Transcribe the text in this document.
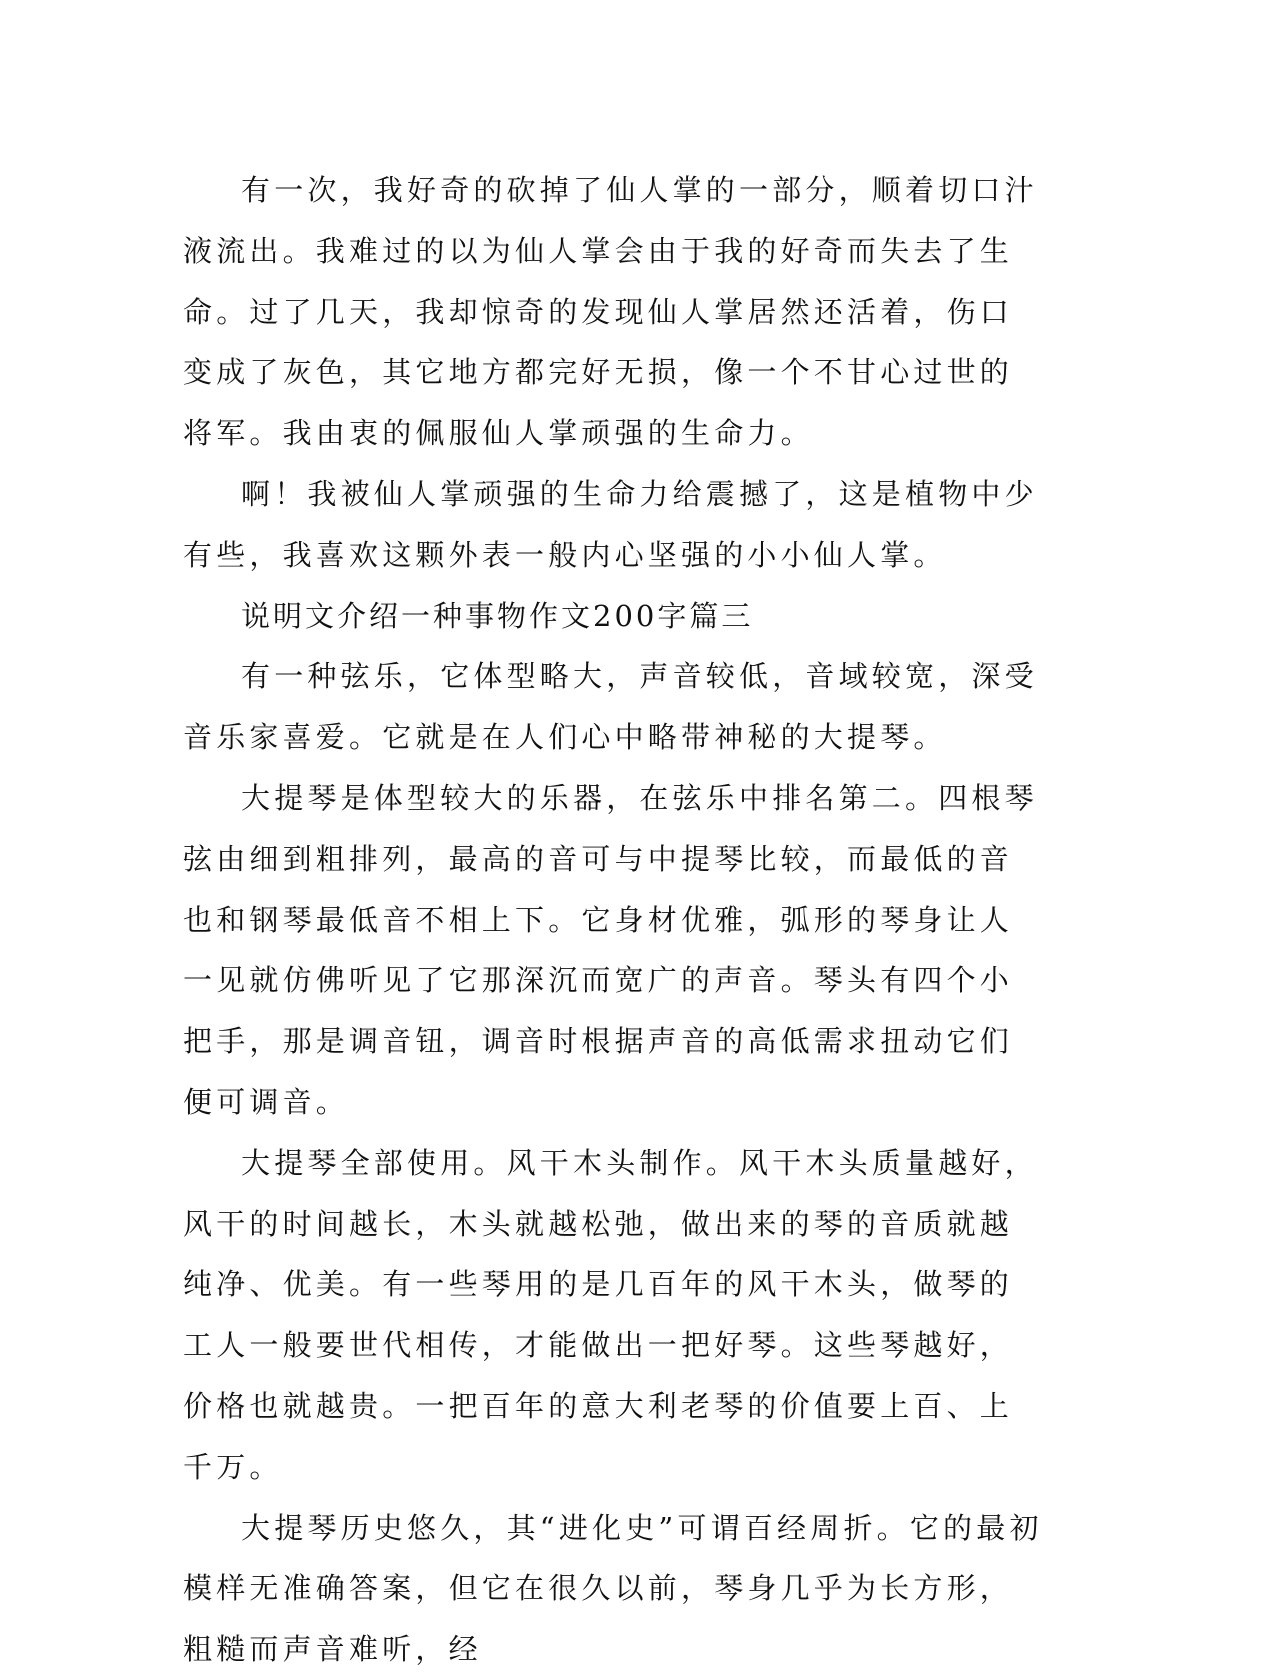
有一次，我好奇的砍掉了仙人掌的一部分，顺着切口汁液流出。我难过的以为仙人掌会由于我的好奇而失去了生命。过了几天，我却惊奇的发现仙人掌居然还活着，伤口变成了灰色，其它地方都完好无损，像一个不甘心过世的将军。我由衷的佩服仙人掌顽强的生命力。

啊！我被仙人掌顽强的生命力给震撼了，这是植物中少有些，我喜欢这颗外表一般内心坚强的小小仙人掌。

说明文介绍一种事物作文200字篇三

有一种弦乐，它体型略大，声音较低，音域较宽，深受音乐家喜爱。它就是在人们心中略带神秘的大提琴。

大提琴是体型较大的乐器，在弦乐中排名第二。四根琴弦由细到粗排列，最高的音可与中提琴比较，而最低的音也和钢琴最低音不相上下。它身材优雅，弧形的琴身让人一见就仿佛听见了它那深沉而宽广的声音。琴头有四个小把手，那是调音钮，调音时根据声音的高低需求扭动它们便可调音。

大提琴全部使用。风干木头制作。风干木头质量越好，风干的时间越长，木头就越松弛，做出来的琴的音质就越纯净、优美。有一些琴用的是几百年的风干木头，做琴的工人一般要世代相传，才能做出一把好琴。这些琴越好，价格也就越贵。一把百年的意大利老琴的价值要上百、上千万。

大提琴历史悠久，其“进化史”可谓百经周折。它的最初模样无准确答案，但它在很久以前，琴身几乎为长方形，粗糙而声音难听，经
